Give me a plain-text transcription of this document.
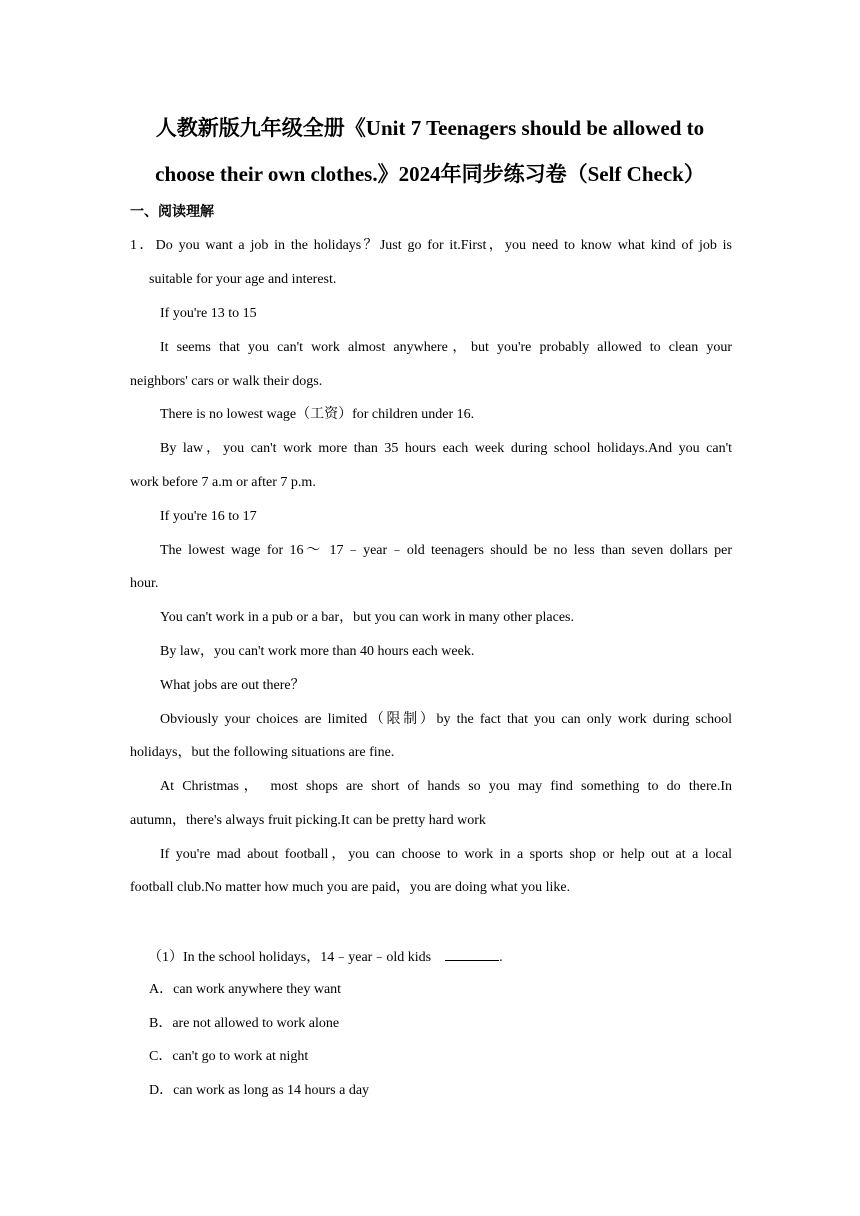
人教新版九年级全册《Unit 7 Teenagers should be allowed to
choose their own clothes.》2024年同步练习卷（Self Check）
一、阅读理解
1．Do you want a job in the holidays？Just go for it.First，you need to know what kind of job is
suitable for your age and interest.
If you're 13 to 15
It seems that you can't work almost anywhere，but you're probably allowed to clean your
neighbors' cars or walk their dogs.
There is no lowest wage（工资）for children under 16.
By law，you can't work more than 35 hours each week during school holidays.And you can't
work before 7 a.m or after 7 p.m.
If you're 16 to 17
The lowest wage for 16～ 17﹣year﹣old teenagers should be no less than seven dollars per
hour.
You can't work in a pub or a bar，but you can work in many other places.
By law，you can't work more than 40 hours each week.
What jobs are out there？
Obviously your choices are limited（限制）by the fact that you can only work during school
holidays，but the following situations are fine.
At Christmas， most shops are short of hands so you may find something to do there.In
autumn，there's always fruit picking.It can be pretty hard work
If you're mad about football，you can choose to work in a sports shop or help out at a local
football club.No matter how much you are paid，you are doing what you like.
（1）In the school holidays，14﹣year﹣old kids	.
A．can work anywhere they want
B．are not allowed to work alone
C．can't go to work at night
D．can work as long as 14 hours a day
